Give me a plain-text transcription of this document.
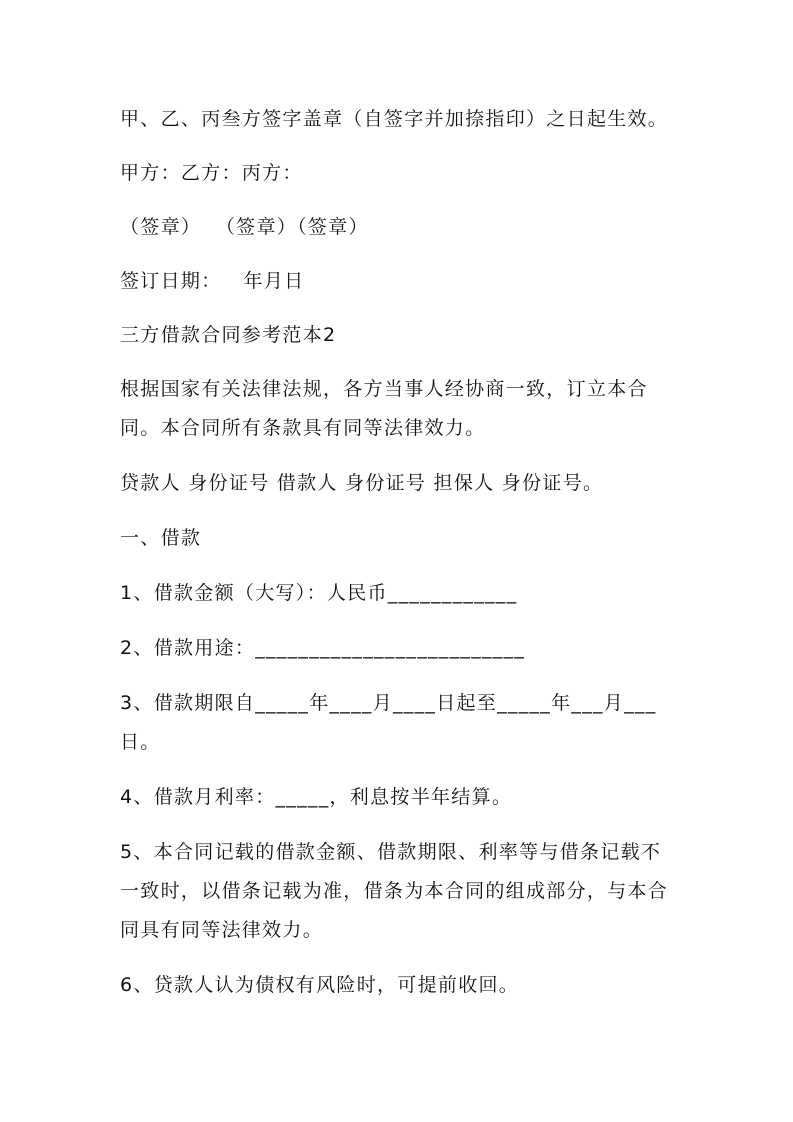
甲、乙、丙叁方签字盖章（自签字并加捺指印）之日起生效。

甲方：乙方：丙方：

（签章）  （签章）（签章）

签订日期：   年月日

三方借款合同参考范本2

根据国家有关法律法规，各方当事人经协商一致，订立本合同。本合同所有条款具有同等法律效力。

贷款人 身份证号 借款人 身份证号 担保人 身份证号。

一、借款

1、借款金额（大写）：人民币____________

2、借款用途：_________________________

3、借款期限自_____年____月____日起至_____年___月___日。

4、借款月利率：_____，利息按半年结算。

5、本合同记载的借款金额、借款期限、利率等与借条记载不一致时，以借条记载为准，借条为本合同的组成部分，与本合同具有同等法律效力。

6、贷款人认为债权有风险时，可提前收回。
